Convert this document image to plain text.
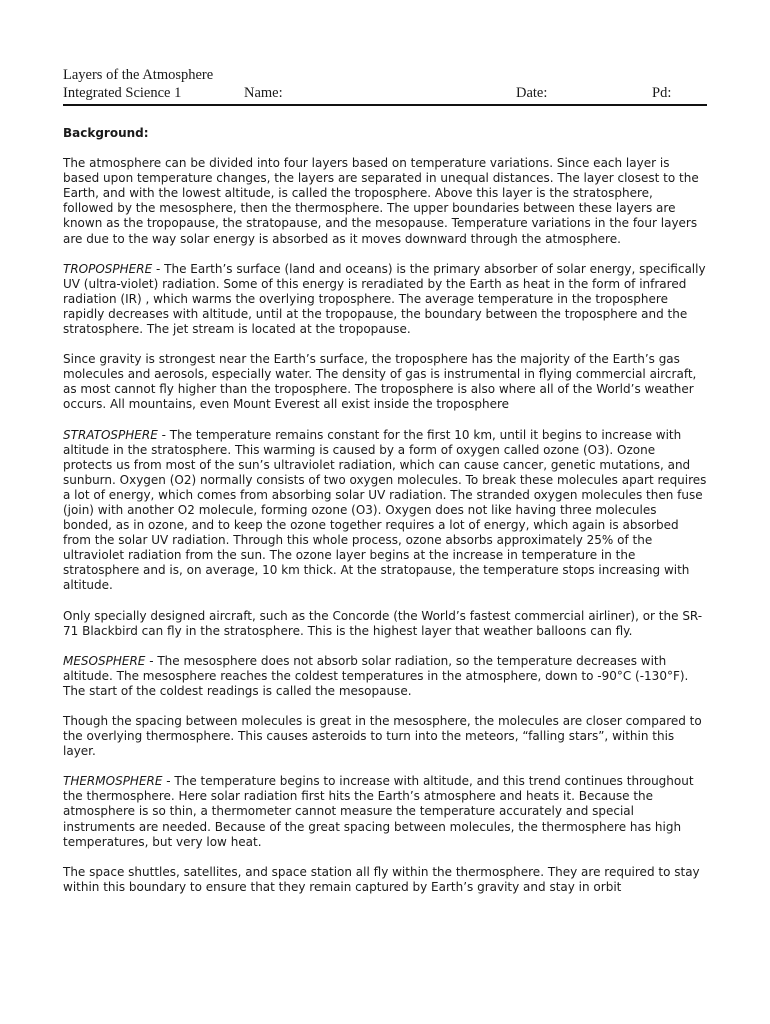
Layers of the Atmosphere
Integrated Science 1	Name:	Date:	Pd:
Background:

The atmosphere can be divided into four layers based on temperature variations. Since each layer is based upon temperature changes, the layers are separated in unequal distances. The layer closest to the Earth, and with the lowest altitude, is called the troposphere. Above this layer is the stratosphere, followed by the mesosphere, then the thermosphere. The upper boundaries between these layers are known as the tropopause, the stratopause, and the mesopause. Temperature variations in the four layers are due to the way solar energy is absorbed as it moves downward through the atmosphere.

TROPOSPHERE - The Earth’s surface (land and oceans) is the primary absorber of solar energy, specifically UV (ultra-violet) radiation. Some of this energy is reradiated by the Earth as heat in the form of infrared radiation (IR) , which warms the overlying troposphere. The average temperature in the troposphere rapidly decreases with altitude, until at the tropopause, the boundary between the troposphere and the stratosphere. The jet stream is located at the tropopause.

Since gravity is strongest near the Earth’s surface, the troposphere has the majority of the Earth’s gas molecules and aerosols, especially water. The density of gas is instrumental in flying commercial aircraft, as most cannot fly higher than the troposphere. The troposphere is also where all of the World’s weather occurs. All mountains, even Mount Everest all exist inside the troposphere

STRATOSPHERE - The temperature remains constant for the first 10 km, until it begins to increase with altitude in the stratosphere. This warming is caused by a form of oxygen called ozone (O3). Ozone protects us from most of the sun’s ultraviolet radiation, which can cause cancer, genetic mutations, and sunburn. Oxygen (O2) normally consists of two oxygen molecules. To break these molecules apart requires a lot of energy, which comes from absorbing solar UV radiation. The stranded oxygen molecules then fuse (join) with another O2 molecule, forming ozone (O3). Oxygen does not like having three molecules bonded, as in ozone, and to keep the ozone together requires a lot of energy, which again is absorbed from the solar UV radiation. Through this whole process, ozone absorbs approximately 25% of the ultraviolet radiation from the sun. The ozone layer begins at the increase in temperature in the stratosphere and is, on average, 10 km thick. At the stratopause, the temperature stops increasing with altitude.

Only specially designed aircraft, such as the Concorde (the World’s fastest commercial airliner), or the SR-71 Blackbird can fly in the stratosphere. This is the highest layer that weather balloons can fly.

MESOSPHERE - The mesosphere does not absorb solar radiation, so the temperature decreases with altitude. The mesosphere reaches the coldest temperatures in the atmosphere, down to -90°C (-130°F). The start of the coldest readings is called the mesopause.

Though the spacing between molecules is great in the mesosphere, the molecules are closer compared to the overlying thermosphere. This causes asteroids to turn into the meteors, “falling stars”, within this layer.

THERMOSPHERE - The temperature begins to increase with altitude, and this trend continues throughout the thermosphere. Here solar radiation first hits the Earth’s atmosphere and heats it. Because the atmosphere is so thin, a thermometer cannot measure the temperature accurately and special instruments are needed. Because of the great spacing between molecules, the thermosphere has high temperatures, but very low heat.

The space shuttles, satellites, and space station all fly within the thermosphere. They are required to stay within this boundary to ensure that they remain captured by Earth’s gravity and stay in orbit
